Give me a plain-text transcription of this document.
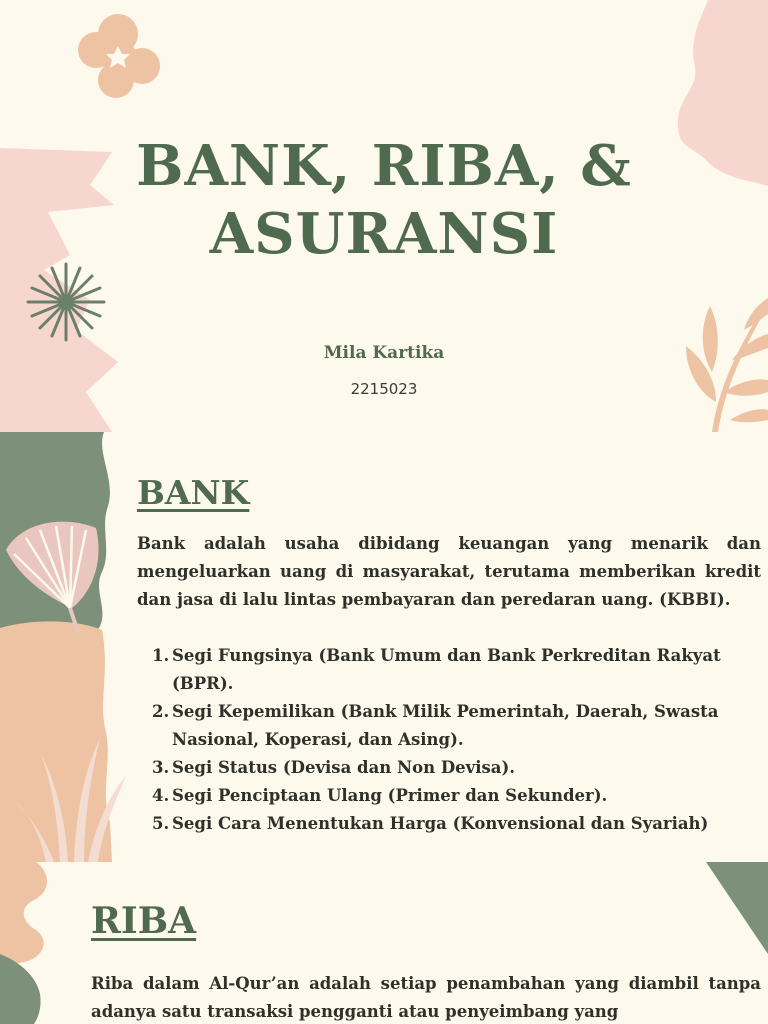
BANK, RIBA, &
ASURANSI
Mila Kartika
2215023
BANK
Bank adalah usaha dibidang keuangan yang menarik dan mengeluarkan uang di masyarakat, terutama memberikan kredit dan jasa di lalu lintas pembayaran dan peredaran uang. (KBBI).
1. Segi Fungsinya (Bank Umum dan Bank Perkreditan Rakyat (BPR).
2. Segi Kepemilikan (Bank Milik Pemerintah, Daerah, Swasta Nasional, Koperasi, dan Asing).
3. Segi Status (Devisa dan Non Devisa).
4. Segi Penciptaan Ulang (Primer dan Sekunder).
5. Segi Cara Menentukan Harga (Konvensional dan Syariah)
RIBA
Riba dalam Al-Qur’an adalah setiap penambahan yang diambil tanpa adanya satu transaksi pengganti atau penyeimbang yang
